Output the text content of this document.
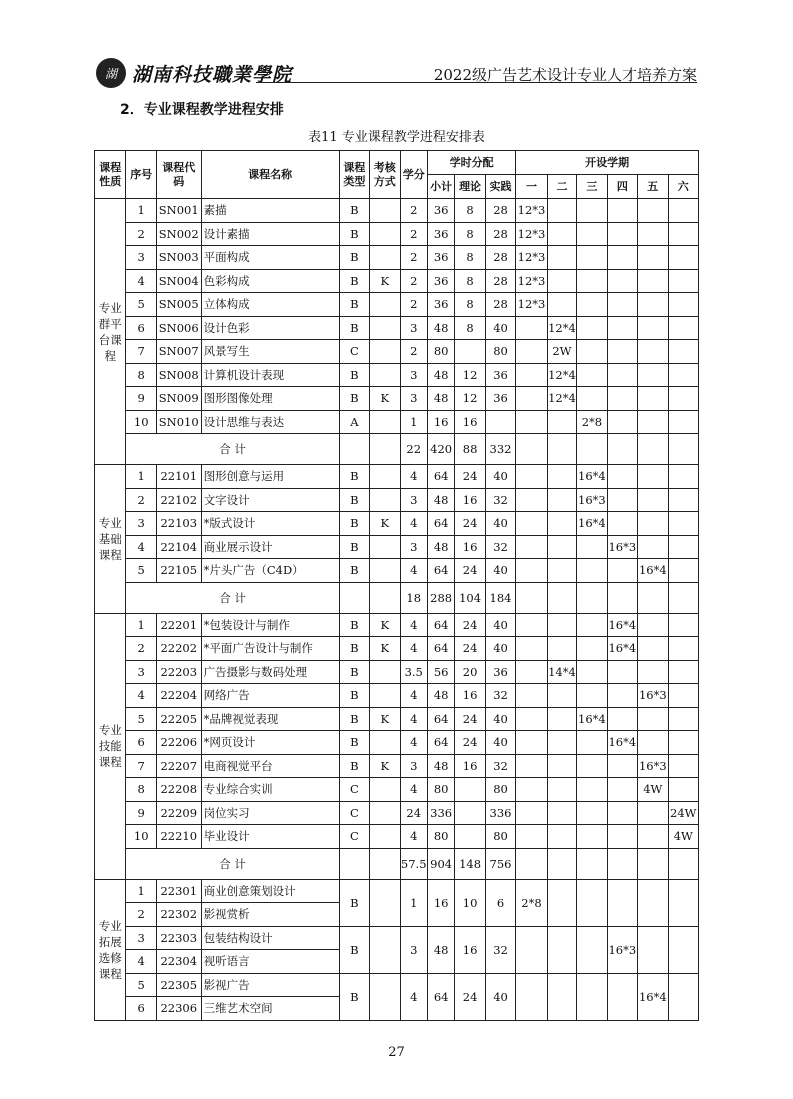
湖 湖南科技職業學院	2022级广告艺术设计专业人才培养方案
2．专业课程教学进程安排
表11 专业课程教学进程安排表
课程性质	序号	课程代码	课程名称	课程类型	考核方式	学分	学时分配			开设学期					
							小计	理论	实践	一	二	三	四	五	六
专业群平台课程	1	SN001	素描	B		2	36	8	28	12*3					
	2	SN002	设计素描	B		2	36	8	28	12*3					
	3	SN003	平面构成	B		2	36	8	28	12*3					
	4	SN004	色彩构成	B	K	2	36	8	28	12*3					
	5	SN005	立体构成	B		2	36	8	28	12*3					
	6	SN006	设计色彩	B		3	48	8	40		12*4				
	7	SN007	风景写生	C		2	80		80		2W				
	8	SN008	计算机设计表现	B		3	48	12	36		12*4				
	9	SN009	图形图像处理	B	K	3	48	12	36		12*4				
	10	SN010	设计思维与表达	A		1	16	16				2*8			
	合 计					22	420	88	332						
专业基础课程	1	22101	图形创意与运用	B		4	64	24	40			16*4			
	2	22102	文字设计	B		3	48	16	32			16*3			
	3	22103	*版式设计	B	K	4	64	24	40			16*4			
	4	22104	商业展示设计	B		3	48	16	32				16*3		
	5	22105	*片头广告（C4D）	B		4	64	24	40					16*4	
	合 计					18	288	104	184						
专业技能课程	1	22201	*包装设计与制作	B	K	4	64	24	40				16*4		
	2	22202	*平面广告设计与制作	B	K	4	64	24	40				16*4		
	3	22203	广告摄影与数码处理	B		3.5	56	20	36		14*4				
	4	22204	网络广告	B		4	48	16	32					16*3	
	5	22205	*品牌视觉表现	B	K	4	64	24	40			16*4			
	6	22206	*网页设计	B		4	64	24	40				16*4		
	7	22207	电商视觉平台	B	K	3	48	16	32					16*3	
	8	22208	专业综合实训	C		4	80		80					4W	
	9	22209	岗位实习	C		24	336		336						24W
	10	22210	毕业设计	C		4	80		80						4W
	合 计					57.5	904	148	756						
专业拓展选修课程	1	22301	商业创意策划设计	B		1	16	10	6	2*8					
	2	22302	影视赏析												
	3	22303	包装结构设计	B		3	48	16	32				16*3		
	4	22304	视听语言												
	5	22305	影视广告	B		4	64	24	40					16*4	
	6	22306	三维艺术空间												
27
